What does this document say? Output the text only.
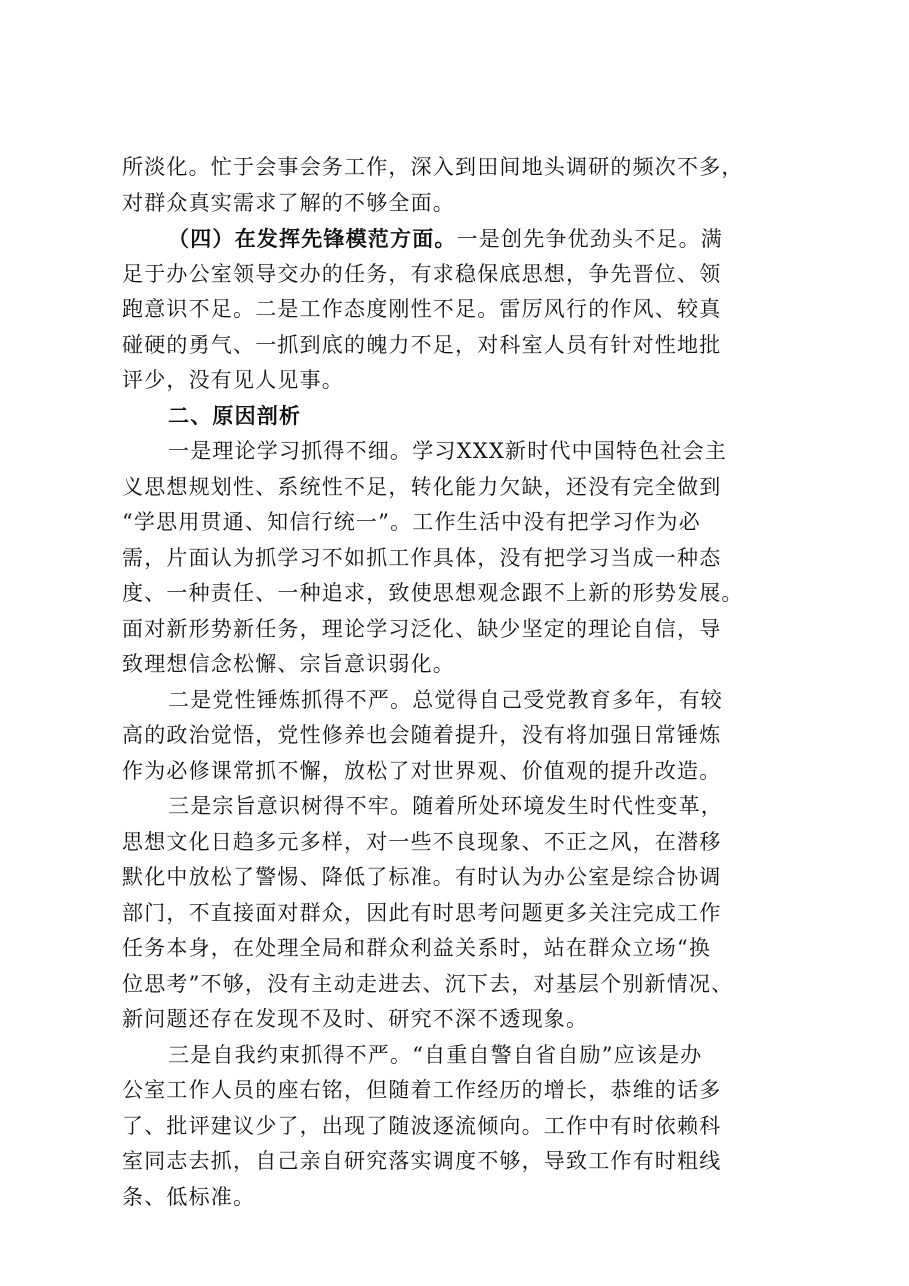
所淡化。忙于会事会务工作，深入到田间地头调研的频次不多，
对群众真实需求了解的不够全面。
（四）在发挥先锋模范方面。一是创先争优劲头不足。满
足于办公室领导交办的任务，有求稳保底思想，争先晋位、领
跑意识不足。二是工作态度刚性不足。雷厉风行的作风、较真
碰硬的勇气、一抓到底的魄力不足，对科室人员有针对性地批
评少，没有见人见事。
二、原因剖析
一是理论学习抓得不细。学习XXX新时代中国特色社会主
义思想规划性、系统性不足，转化能力欠缺，还没有完全做到
“学思用贯通、知信行统一”。工作生活中没有把学习作为必
需，片面认为抓学习不如抓工作具体，没有把学习当成一种态
度、一种责任、一种追求，致使思想观念跟不上新的形势发展。
面对新形势新任务，理论学习泛化、缺少坚定的理论自信，导
致理想信念松懈、宗旨意识弱化。
二是党性锤炼抓得不严。总觉得自己受党教育多年，有较
高的政治觉悟，党性修养也会随着提升，没有将加强日常锤炼
作为必修课常抓不懈，放松了对世界观、价值观的提升改造。
三是宗旨意识树得不牢。随着所处环境发生时代性变革，
思想文化日趋多元多样，对一些不良现象、不正之风，在潜移
默化中放松了警惕、降低了标准。有时认为办公室是综合协调
部门，不直接面对群众，因此有时思考问题更多关注完成工作
任务本身，在处理全局和群众利益关系时，站在群众立场“换
位思考”不够，没有主动走进去、沉下去，对基层个别新情况、
新问题还存在发现不及时、研究不深不透现象。
三是自我约束抓得不严。“自重自警自省自励”应该是办
公室工作人员的座右铭，但随着工作经历的增长，恭维的话多
了、批评建议少了，出现了随波逐流倾向。工作中有时依赖科
室同志去抓，自己亲自研究落实调度不够，导致工作有时粗线
条、低标准。
